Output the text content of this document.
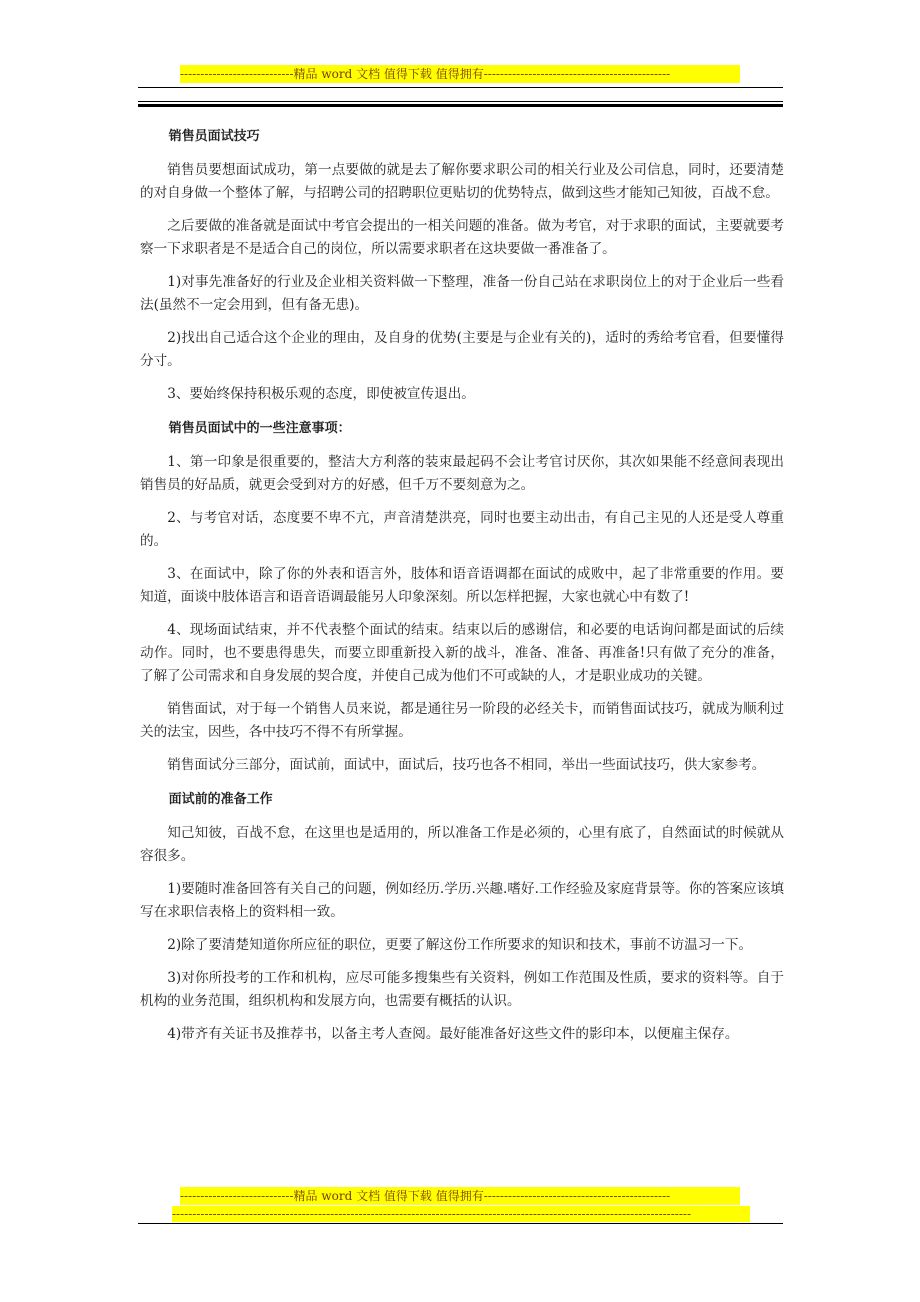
----------------------------精品 word 文档 值得下载 值得拥有----------------------------------------------
销售员面试技巧

销售员要想面试成功，第一点要做的就是去了解你要求职公司的相关行业及公司信息，同时，还要清楚的对自身做一个整体了解，与招聘公司的招聘职位更贴切的优势特点，做到这些才能知己知彼，百战不怠。

之后要做的准备就是面试中考官会提出的一相关问题的准备。做为考官，对于求职的面试，主要就要考察一下求职者是不是适合自己的岗位，所以需要求职者在这块要做一番准备了。

1)对事先准备好的行业及企业相关资料做一下整理，准备一份自己站在求职岗位上的对于企业后一些看法(虽然不一定会用到，但有备无患)。

2)找出自己适合这个企业的理由，及自身的优势(主要是与企业有关的)，适时的秀给考官看，但要懂得分寸。

3、要始终保持积极乐观的态度，即使被宣传退出。

销售员面试中的一些注意事项：

1、第一印象是很重要的，整洁大方利落的装束最起码不会让考官讨厌你，其次如果能不经意间表现出销售员的好品质，就更会受到对方的好感，但千万不要刻意为之。

2、与考官对话，态度要不卑不亢，声音清楚洪亮，同时也要主动出击，有自己主见的人还是受人尊重的。

3、在面试中，除了你的外表和语言外，肢体和语音语调都在面试的成败中，起了非常重要的作用。要知道，面谈中肢体语言和语音语调最能另人印象深刻。所以怎样把握，大家也就心中有数了!

4、现场面试结束，并不代表整个面试的结束。结束以后的感谢信，和必要的电话询问都是面试的后续动作。同时，也不要患得患失，而要立即重新投入新的战斗，准备、准备、再准备!只有做了充分的准备，了解了公司需求和自身发展的契合度，并使自己成为他们不可或缺的人，才是职业成功的关键。

销售面试，对于每一个销售人员来说，都是通往另一阶段的必经关卡，而销售面试技巧，就成为顺利过关的法宝，因些，各中技巧不得不有所掌握。

销售面试分三部分，面试前，面试中，面试后，技巧也各不相同，举出一些面试技巧，供大家参考。

面试前的准备工作

知己知彼，百战不怠，在这里也是适用的，所以准备工作是必须的，心里有底了，自然面试的时候就从容很多。

1)要随时准备回答有关自己的问题，例如经历.学历.兴趣.嗜好.工作经验及家庭背景等。你的答案应该填写在求职信表格上的资料相一致。

2)除了要清楚知道你所应征的职位，更要了解这份工作所要求的知识和技术，事前不访温习一下。

3)对你所投考的工作和机构，应尽可能多搜集些有关资料，例如工作范围及性质，要求的资料等。自于机构的业务范围，组织机构和发展方向，也需要有概括的认识。

4)带齐有关证书及推荐书，以备主考人查阅。最好能准备好这些文件的影印本，以便雇主保存。

----------------------------精品 word 文档 值得下载 值得拥有----------------------------------------------
--------------------------------------------------------------------------------------------------------------------------------
